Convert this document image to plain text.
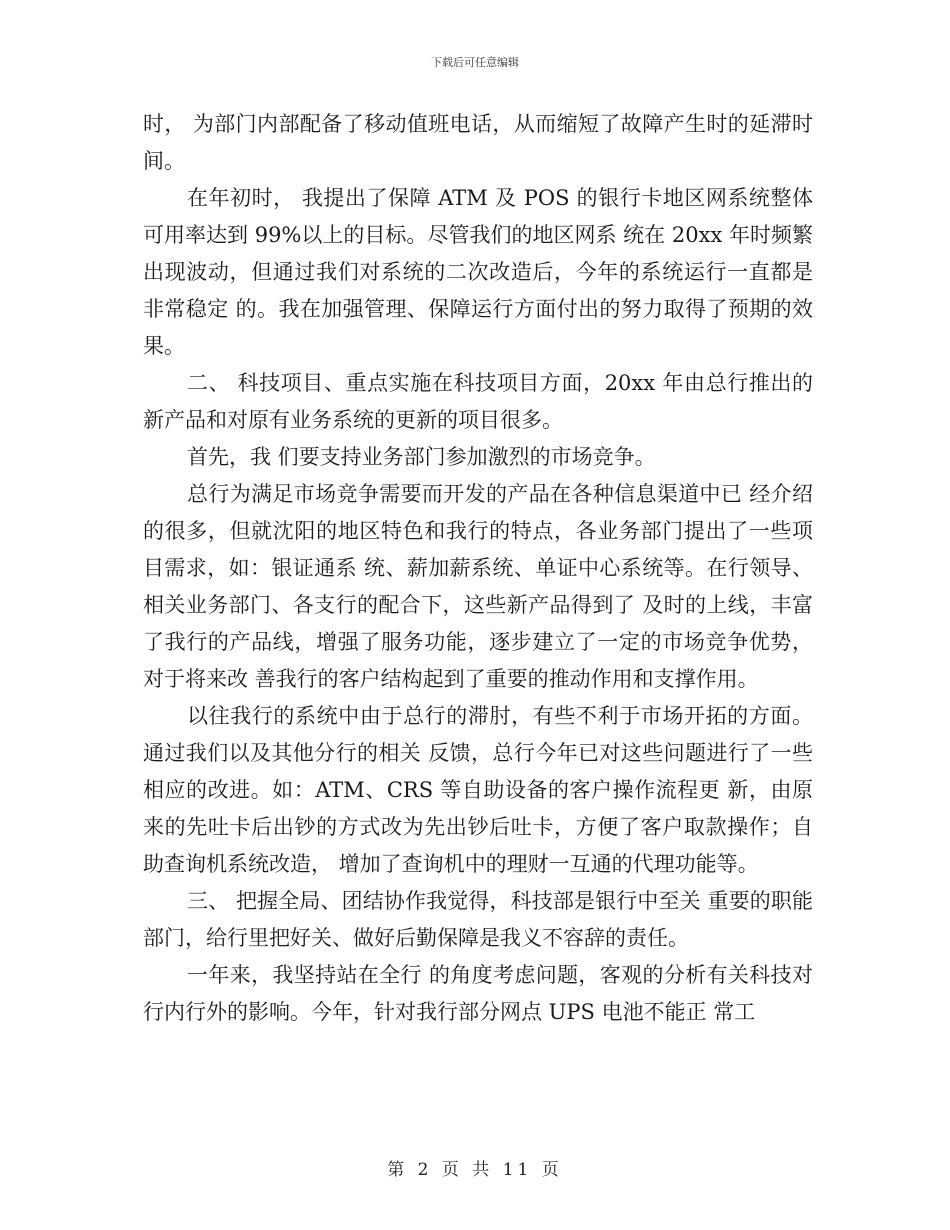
下载后可任意编辑

时， 为部门内部配备了移动值班电话，从而缩短了故障产生时的延滞时间。

在年初时， 我提出了保障 ATM 及 POS 的银行卡地区网系统整体可用率达到 99%以上的目标。尽管我们的地区网系 统在 20xx 年时频繁出现波动，但通过我们对系统的二次改造后，今年的系统运行一直都是非常稳定 的。我在加强管理、保障运行方面付出的努力取得了预期的效果。

二、 科技项目、重点实施在科技项目方面，20xx 年由总行推出的新产品和对原有业务系统的更新的项目很多。

首先，我 们要支持业务部门参加激烈的市场竞争。

总行为满足市场竞争需要而开发的产品在各种信息渠道中已 经介绍的很多，但就沈阳的地区特色和我行的特点，各业务部门提出了一些项目需求，如：银证通系 统、薪加薪系统、单证中心系统等。在行领导、相关业务部门、各支行的配合下，这些新产品得到了 及时的上线，丰富了我行的产品线，增强了服务功能，逐步建立了一定的市场竞争优势，对于将来改 善我行的客户结构起到了重要的推动作用和支撑作用。

以往我行的系统中由于总行的滞肘，有些不利于市场开拓的方面。通过我们以及其他分行的相关 反馈，总行今年已对这些问题进行了一些相应的改进。如：ATM、CRS 等自助设备的客户操作流程更 新，由原来的先吐卡后出钞的方式改为先出钞后吐卡，方便了客户取款操作；自助查询机系统改造， 增加了查询机中的理财一互通的代理功能等。

三、 把握全局、团结协作我觉得，科技部是银行中至关 重要的职能部门，给行里把好关、做好后勤保障是我义不容辞的责任。

一年来，我坚持站在全行 的角度考虑问题，客观的分析有关科技对行内行外的影响。今年，针对我行部分网点 UPS 电池不能正 常工

第 2 页 共 11 页
